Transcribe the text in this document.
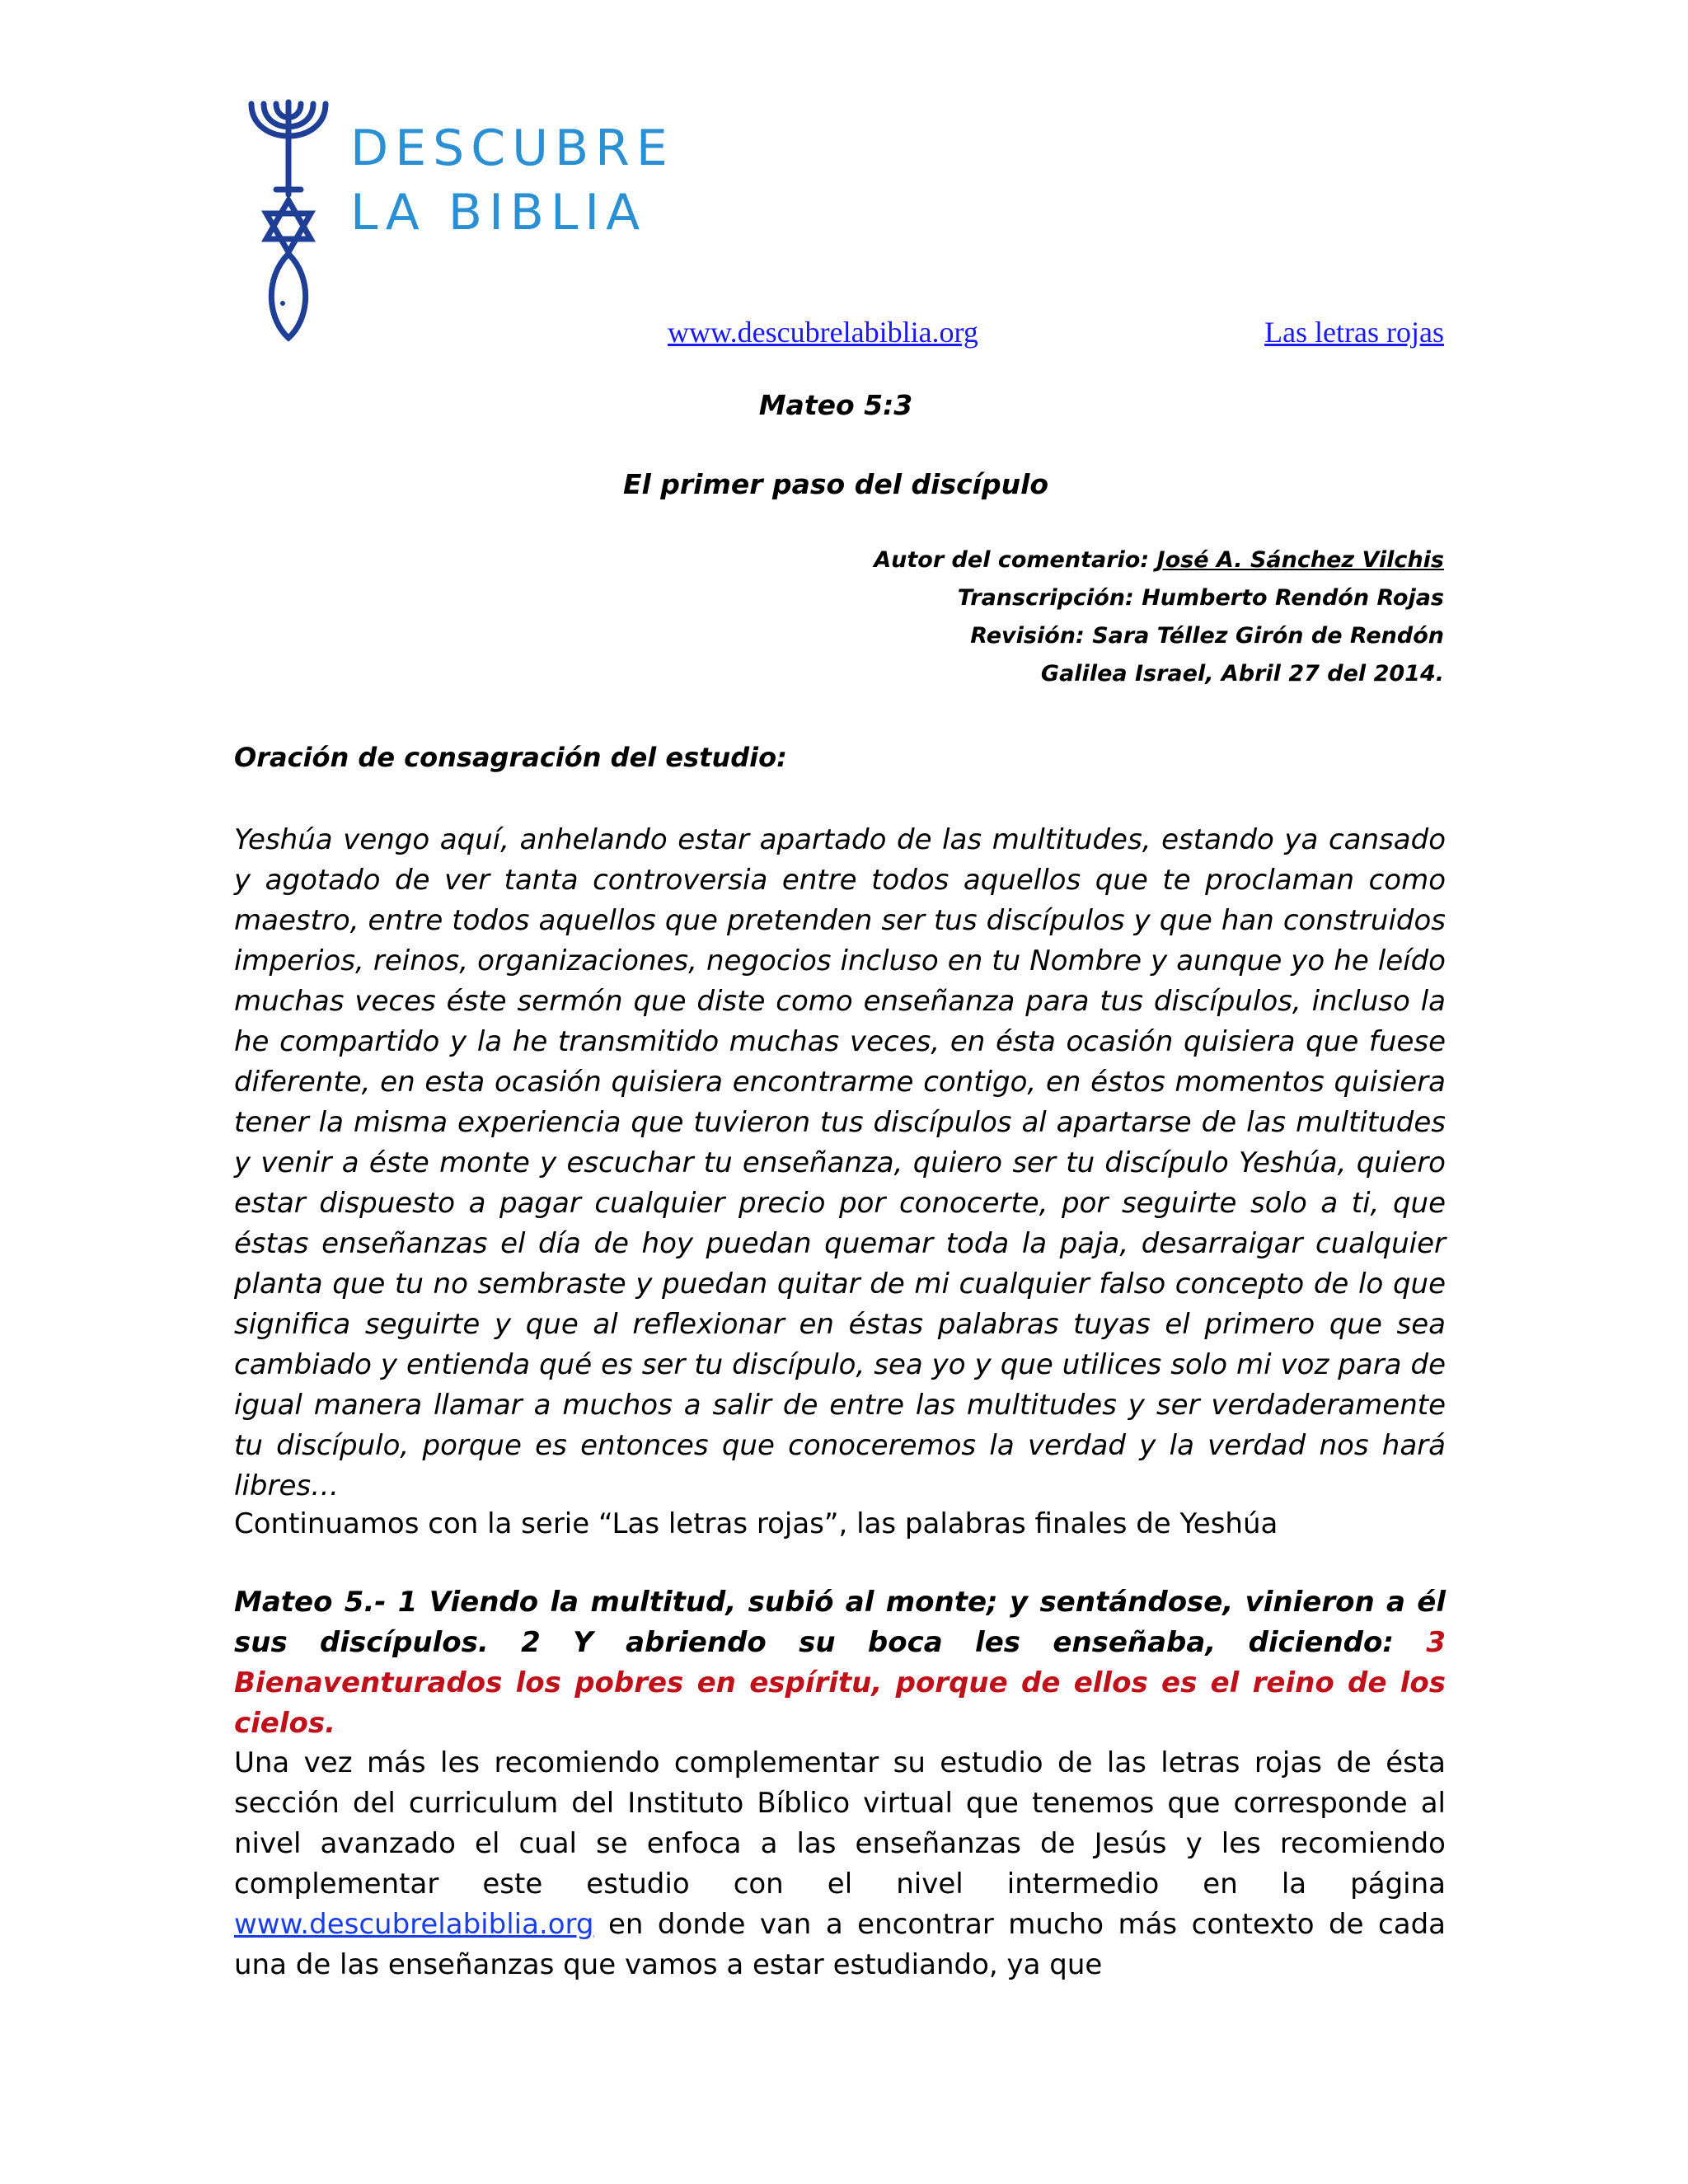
DESCUBRE
LA BIBLIA
www.descubrelabiblia.org	Las letras rojas
Mateo 5:3
El primer paso del discípulo
Autor del comentario: José A. Sánchez Vilchis
Transcripción: Humberto Rendón Rojas
Revisión: Sara Téllez Girón de Rendón
Galilea Israel, Abril 27 del 2014.
Oración de consagración del estudio:
Yeshúa vengo aquí, anhelando estar apartado de las multitudes, estando ya cansado y agotado de ver tanta controversia entre todos aquellos que te proclaman como maestro, entre todos aquellos que pretenden ser tus discípulos y que han construidos imperios, reinos, organizaciones, negocios incluso en tu Nombre y aunque yo he leído muchas veces éste sermón que diste como enseñanza para tus discípulos, incluso la he compartido y la he transmitido muchas veces, en ésta ocasión quisiera que fuese diferente, en esta ocasión quisiera encontrarme contigo, en éstos momentos quisiera tener la misma experiencia que tuvieron tus discípulos al apartarse de las multitudes y venir a éste monte y escuchar tu enseñanza, quiero ser tu discípulo Yeshúa, quiero estar dispuesto a pagar cualquier precio por conocerte, por seguirte solo a ti, que éstas enseñanzas el día de hoy puedan quemar toda la paja, desarraigar cualquier planta que tu no sembraste y puedan quitar de mi cualquier falso concepto de lo que significa seguirte y que al reflexionar en éstas palabras tuyas el primero que sea cambiado y entienda qué es ser tu discípulo, sea yo y que utilices solo mi voz para de igual manera llamar a muchos a salir de entre las multitudes y ser verdaderamente tu discípulo, porque es entonces que conoceremos la verdad y la verdad nos hará libres…
Continuamos con la serie “Las letras rojas”, las palabras finales de Yeshúa
Mateo 5.- 1 Viendo la multitud, subió al monte; y sentándose, vinieron a él sus discípulos. 2 Y abriendo su boca les enseñaba, diciendo: 3 Bienaventurados los pobres en espíritu, porque de ellos es el reino de los cielos.
Una vez más les recomiendo complementar su estudio de las letras rojas de ésta sección del curriculum del Instituto Bíblico virtual que tenemos que corresponde al nivel avanzado el cual se enfoca a las enseñanzas de Jesús y les recomiendo complementar este estudio con el nivel intermedio en la página www.descubrelabiblia.org en donde van a encontrar mucho más contexto de cada una de las enseñanzas que vamos a estar estudiando, ya que
